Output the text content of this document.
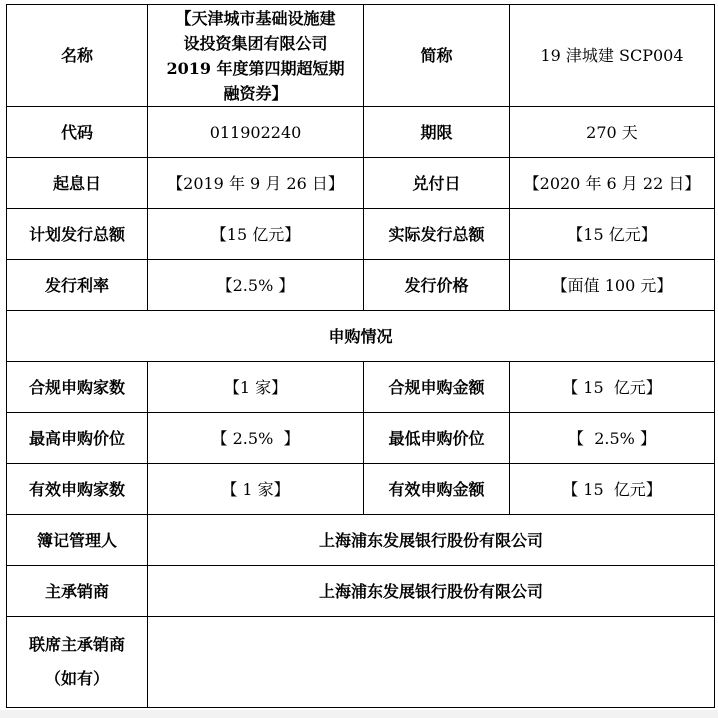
名称	【天津城市基础设施建
设投资集团有限公司
2019 年度第四期超短期
融资券】	简称	19 津城建 SCP004
代码	011902240	期限	270 天
起息日	【2019 年 9 月 26 日】	兑付日	【2020 年 6 月 22 日】
计划发行总额	【15 亿元】	实际发行总额	【15 亿元】
发行利率	【2.5% 】	发行价格	【面值 100 元】
申购情况			
合规申购家数	【1 家】	合规申购金额	【 15  亿元】
最高申购价位	【 2.5%  】	最低申购价位	【  2.5% 】
有效申购家数	【 1 家】	有效申购金额	【 15  亿元】
簿记管理人	上海浦东发展银行股份有限公司		
主承销商	上海浦东发展银行股份有限公司		

联席主承销商
（如有）			
